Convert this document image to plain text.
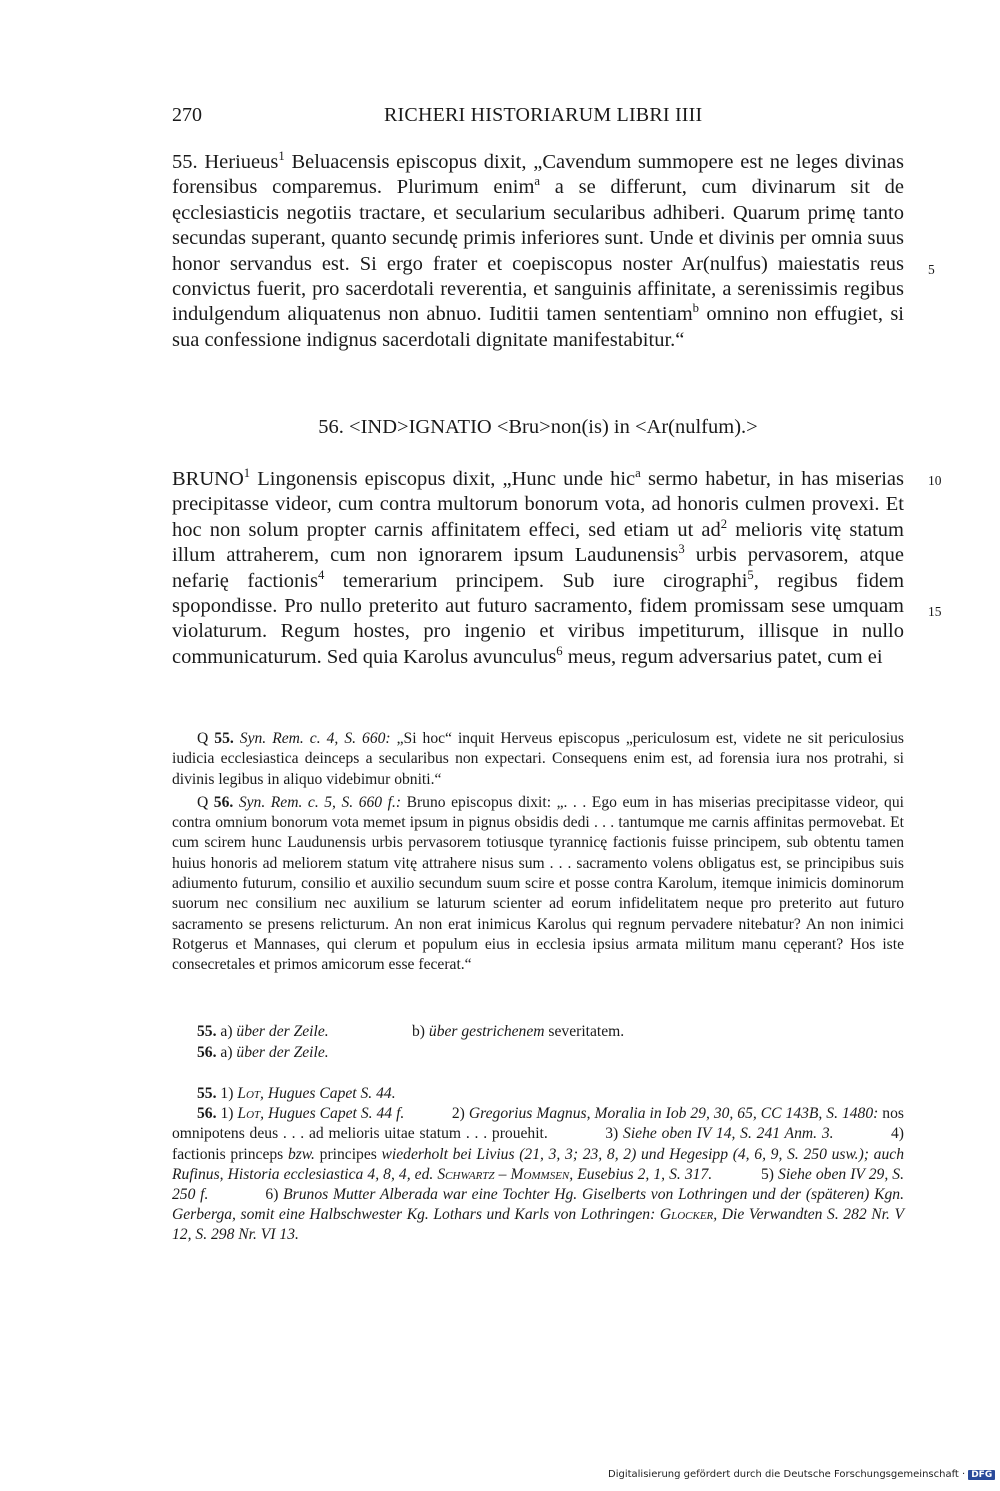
270	RICHERI HISTORIARUM LIBRI IIII
55. Heriueus$^1$ Beluacensis episcopus dixit, „Cavendum summopere est ne leges divinas forensibus comparemus. Plurimum enim$^a$ a se differunt, cum divinarum sit de ęcclesiasticis negotiis tractare, et secularium secularibus adhiberi. Quarum primę tanto secundas superant, quanto secundę primis inferiores sunt. Unde et divinis per omnia suus honor servandus est. Si ergo frater et coepiscopus noster Ar(nulfus) maiestatis reus convictus fuerit, pro sacerdotali reverentia, et sanguinis affinitate, a serenissimis regibus indulgendum aliquatenus non abnuo. Iuditii tamen sententiam$^b$ omnino non effugiet, si sua confessione indignus sacerdotali dignitate manifestabitur.“
5
56. <IND>IGNATIO <Bru>non(is) in <Ar(nulfum).>
$BRUNO^1$ Lingonensis episcopus dixit, „Hunc unde hic$^a$ sermo habetur, in has miserias precipitasse videor, cum contra multorum bonorum vota, ad honoris culmen provexi. Et hoc non solum propter carnis affinitatem effeci, sed etiam ut $ad^2$ melioris vitę statum illum attraherem, cum non ignorarem ipsum Laudunensis$^3$ urbis pervasorem, atque nefarię factionis$^4$ temerarium principem. Sub iure cirographi$^5$, regibus fidem spopondisse. Pro nullo preterito aut futuro sacramento, fidem promissam sese umquam violaturum. Regum hostes, pro ingenio et viribus impetiturum, illisque in nullo communicaturum. Sed quia Karolus avunculus$^6$ meus, regum adversarius patet, cum ei
10
15

Q 55. Syn. Rem. c. 4, S. 660: „Si hoc“ inquit Herveus episcopus „periculosum est, videte ne sit periculosius iudicia ecclesiastica deinceps a secularibus non expectari. Consequens enim est, ad forensia iura nos protrahi, si divinis legibus in aliquo videbimur obniti.“

Q 56. Syn. Rem. c. 5, S. 660 f.: Bruno episcopus dixit: „. . . Ego eum in has miserias precipitasse videor, qui contra omnium bonorum vota memet ipsum in pignus obsidis dedi . . . tantumque me carnis affinitas permovebat. Et cum scirem hunc Laudunensis urbis pervasorem totiusque tyrannicę factionis fuisse principem, sub obtentu tamen huius honoris ad meliorem statum vitę attrahere nisus sum . . . sacramento volens obligatus est, se principibus suis adiumento futurum, consilio et auxilio secundum suum scire et posse contra Karolum, itemque inimicis dominorum suorum nec consilium nec auxilium se laturum scienter ad eorum infidelitatem neque pro preterito aut futuro sacramento se presens relicturum. An non erat inimicus Karolus qui regnum pervadere nitebatur? An non inimici Rotgerus et Mannases, qui clerum et populum eius in ecclesia ipsius armata militum manu cęperant? Hos iste consecretales et primos amicorum esse fecerat.“

55. a) über der Zeile.	b) über gestrichenem severitatem.
56. a) über der Zeile.

55. 1) Lot, Hugues Capet S. 44.

56. 1) Lot, Hugues Capet S. 44 f.            2) Gregorius Magnus, Moralia in Iob 29, 30, 65, CC 143B, S. 1480: nos omnipotens deus . . . ad melioris uitae statum . . . prouehit.            3) Siehe oben IV 14, S. 241 Anm. 3.            4) factionis princeps bzw. principes wiederholt bei Livius (21, 3, 3; 23, 8, 2) und Hegesipp (4, 6, 9, S. 250 usw.); auch Rufinus, Historia ecclesiastica 4, 8, 4, ed. Schwartz – Mommsen, Eusebius 2, 1, S. 317.            5) Siehe oben IV 29, S. 250 f.            6) Brunos Mutter Alberada war eine Tochter Hg. Giselberts von Lothringen und der (späteren) Kgn. Gerberga, somit eine Halbschwester Kg. Lothars und Karls von Lothringen: Glocker, Die Verwandten S. 282 Nr. V 12, S. 298 Nr. VI 13.

Digitalisierung gefördert durch die Deutsche Forschungsgemeinschaft · DFG
